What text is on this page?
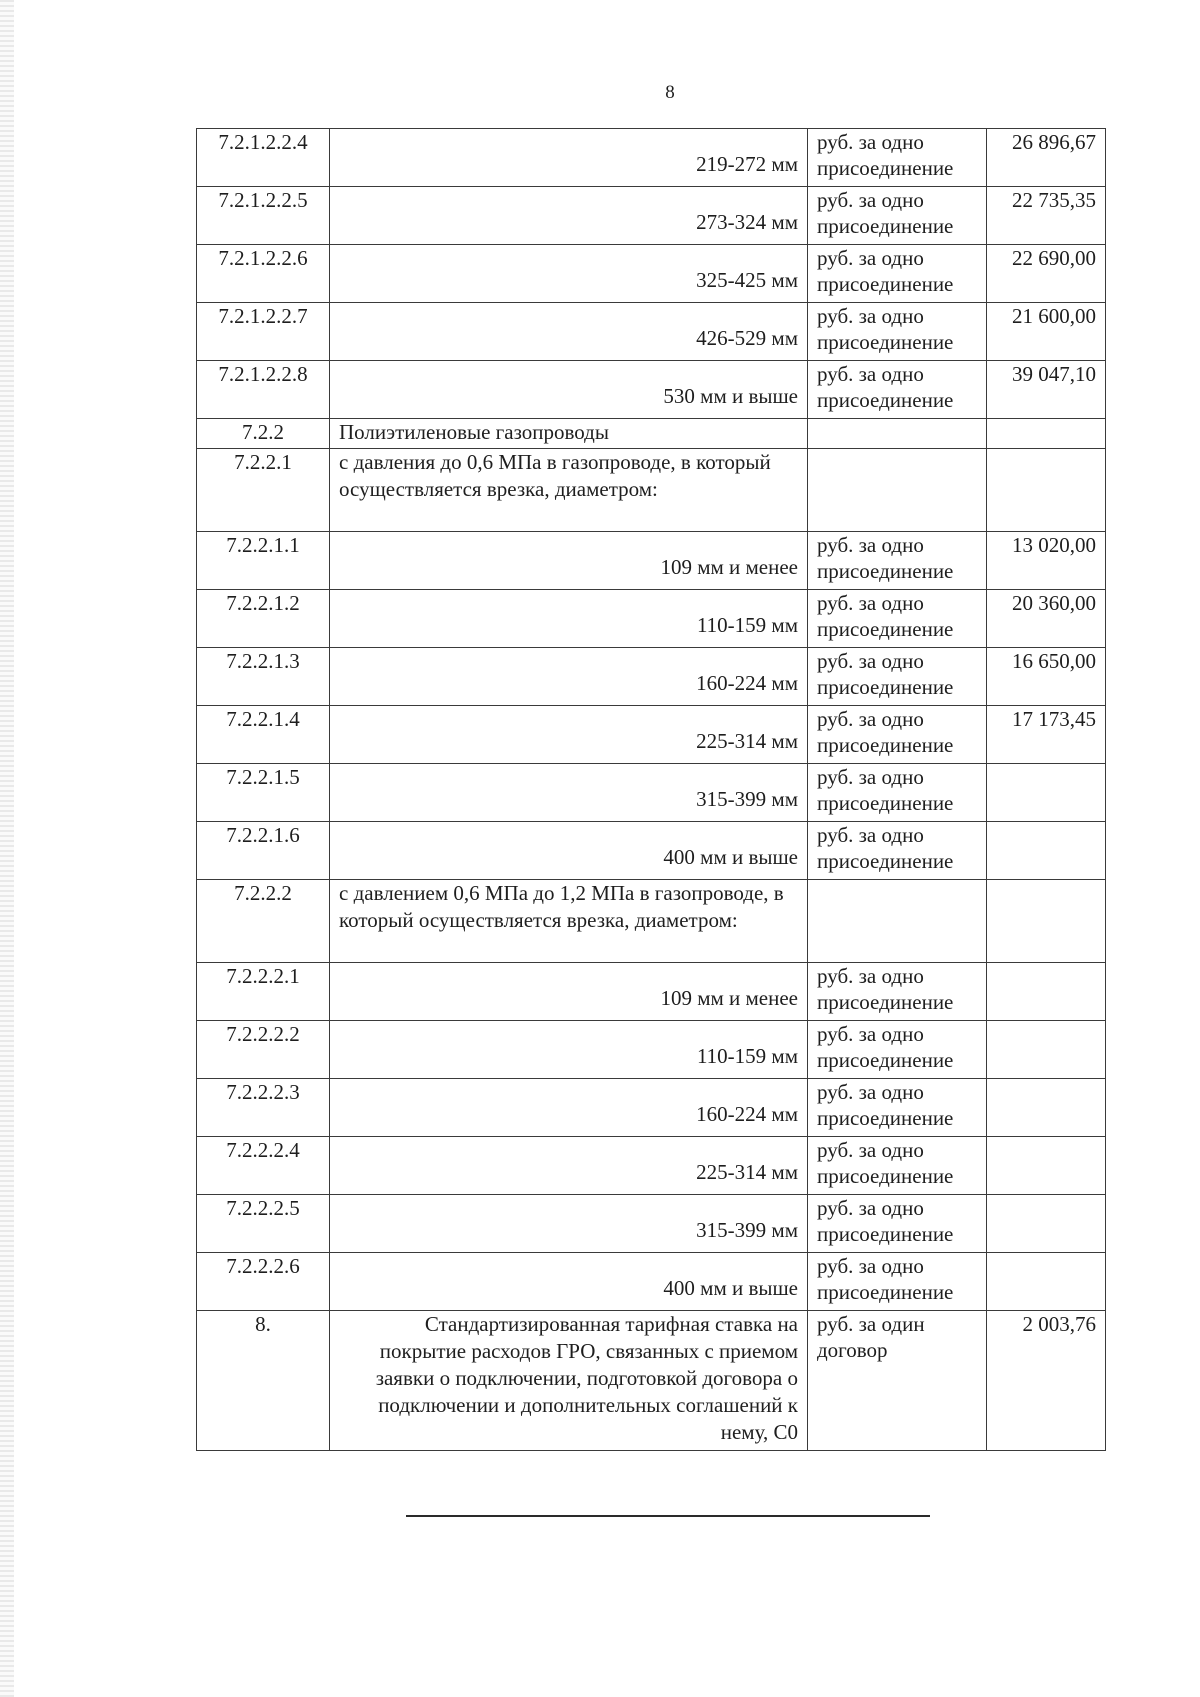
8
7.2.1.2.2.4	219-272 мм	руб. за одно присоединение	26 896,67
7.2.1.2.2.5	273-324 мм	руб. за одно присоединение	22 735,35
7.2.1.2.2.6	325-425 мм	руб. за одно присоединение	22 690,00
7.2.1.2.2.7	426-529 мм	руб. за одно присоединение	21 600,00
7.2.1.2.2.8	530 мм и выше	руб. за одно присоединение	39 047,10
7.2.2	Полиэтиленовые газопроводы		
7.2.2.1	с давления до 0,6 МПа в газопроводе, в который осуществляется врезка, диаметром:		
7.2.2.1.1	109 мм и менее	руб. за одно присоединение	13 020,00
7.2.2.1.2	110-159 мм	руб. за одно присоединение	20 360,00
7.2.2.1.3	160-224 мм	руб. за одно присоединение	16 650,00
7.2.2.1.4	225-314 мм	руб. за одно присоединение	17 173,45
7.2.2.1.5	315-399 мм	руб. за одно присоединение	
7.2.2.1.6	400 мм и выше	руб. за одно присоединение	
7.2.2.2	с давлением 0,6 МПа до 1,2 МПа в газопроводе, в который осуществляется врезка, диаметром:		
7.2.2.2.1	109 мм и менее	руб. за одно присоединение	
7.2.2.2.2	110-159 мм	руб. за одно присоединение	
7.2.2.2.3	160-224 мм	руб. за одно присоединение	
7.2.2.2.4	225-314 мм	руб. за одно присоединение	
7.2.2.2.5	315-399 мм	руб. за одно присоединение	
7.2.2.2.6	400 мм и выше	руб. за одно присоединение	
8.	Стандартизированная тарифная ставка на покрытие расходов ГРО, связанных с приемом заявки о подключении, подготовкой договора о подключении и дополнительных соглашений к нему, С0	руб. за один договор	2 003,76
